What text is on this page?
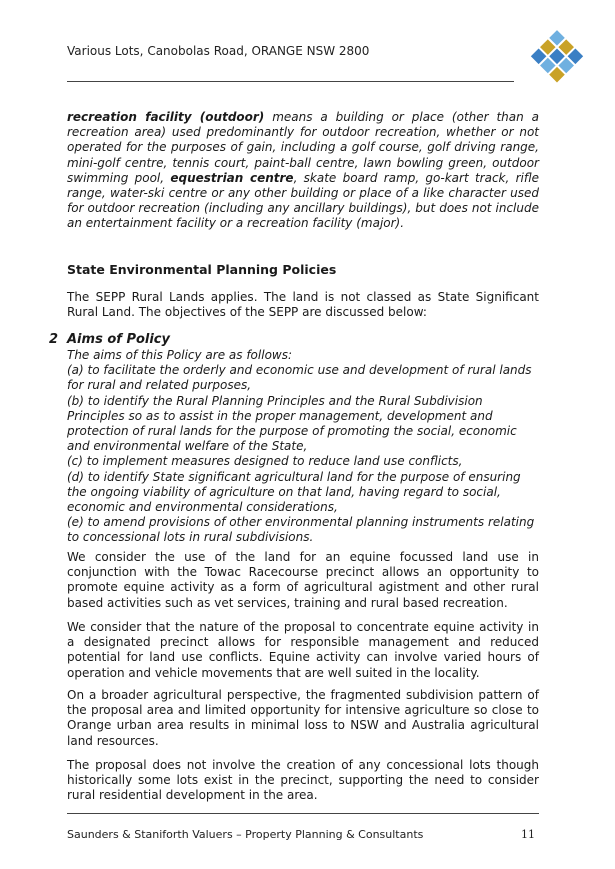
Various Lots, Canobolas Road, ORANGE NSW 2800

recreation facility (outdoor) means a building or place (other than a recreation area) used predominantly for outdoor recreation, whether or not operated for the purposes of gain, including a golf course, golf driving range, mini-golf centre, tennis court, paint-ball centre, lawn bowling green, outdoor swimming pool, equestrian centre, skate board ramp, go-kart track, rifle range, water-ski centre or any other building or place of a like character used for outdoor recreation (including any ancillary buildings), but does not include an entertainment facility or a recreation facility (major).

State Environmental Planning Policies

The SEPP Rural Lands applies. The land is not classed as State Significant Rural Land. The objectives of the SEPP are discussed below:

2 Aims of Policy

The aims of this Policy are as follows:

(a) to facilitate the orderly and economic use and development of rural lands for rural and related purposes,

(b) to identify the Rural Planning Principles and the Rural Subdivision Principles so as to assist in the proper management, development and protection of rural lands for the purpose of promoting the social, economic and environmental welfare of the State,

(c) to implement measures designed to reduce land use conflicts,

(d) to identify State significant agricultural land for the purpose of ensuring the ongoing viability of agriculture on that land, having regard to social, economic and environmental considerations,

(e) to amend provisions of other environmental planning instruments relating to concessional lots in rural subdivisions.

We consider the use of the land for an equine focussed land use in conjunction with the Towac Racecourse precinct allows an opportunity to promote equine activity as a form of agricultural agistment and other rural based activities such as vet services, training and rural based recreation.

We consider that the nature of the proposal to concentrate equine activity in a designated precinct allows for responsible management and reduced potential for land use conflicts. Equine activity can involve varied hours of operation and vehicle movements that are well suited in the locality.

On a broader agricultural perspective, the fragmented subdivision pattern of the proposal area and limited opportunity for intensive agriculture so close to Orange urban area results in minimal loss to NSW and Australia agricultural land resources.

The proposal does not involve the creation of any concessional lots though historically some lots exist in the precinct, supporting the need to consider rural residential development in the area.

Saunders & Staniforth Valuers – Property Planning & Consultants	11
